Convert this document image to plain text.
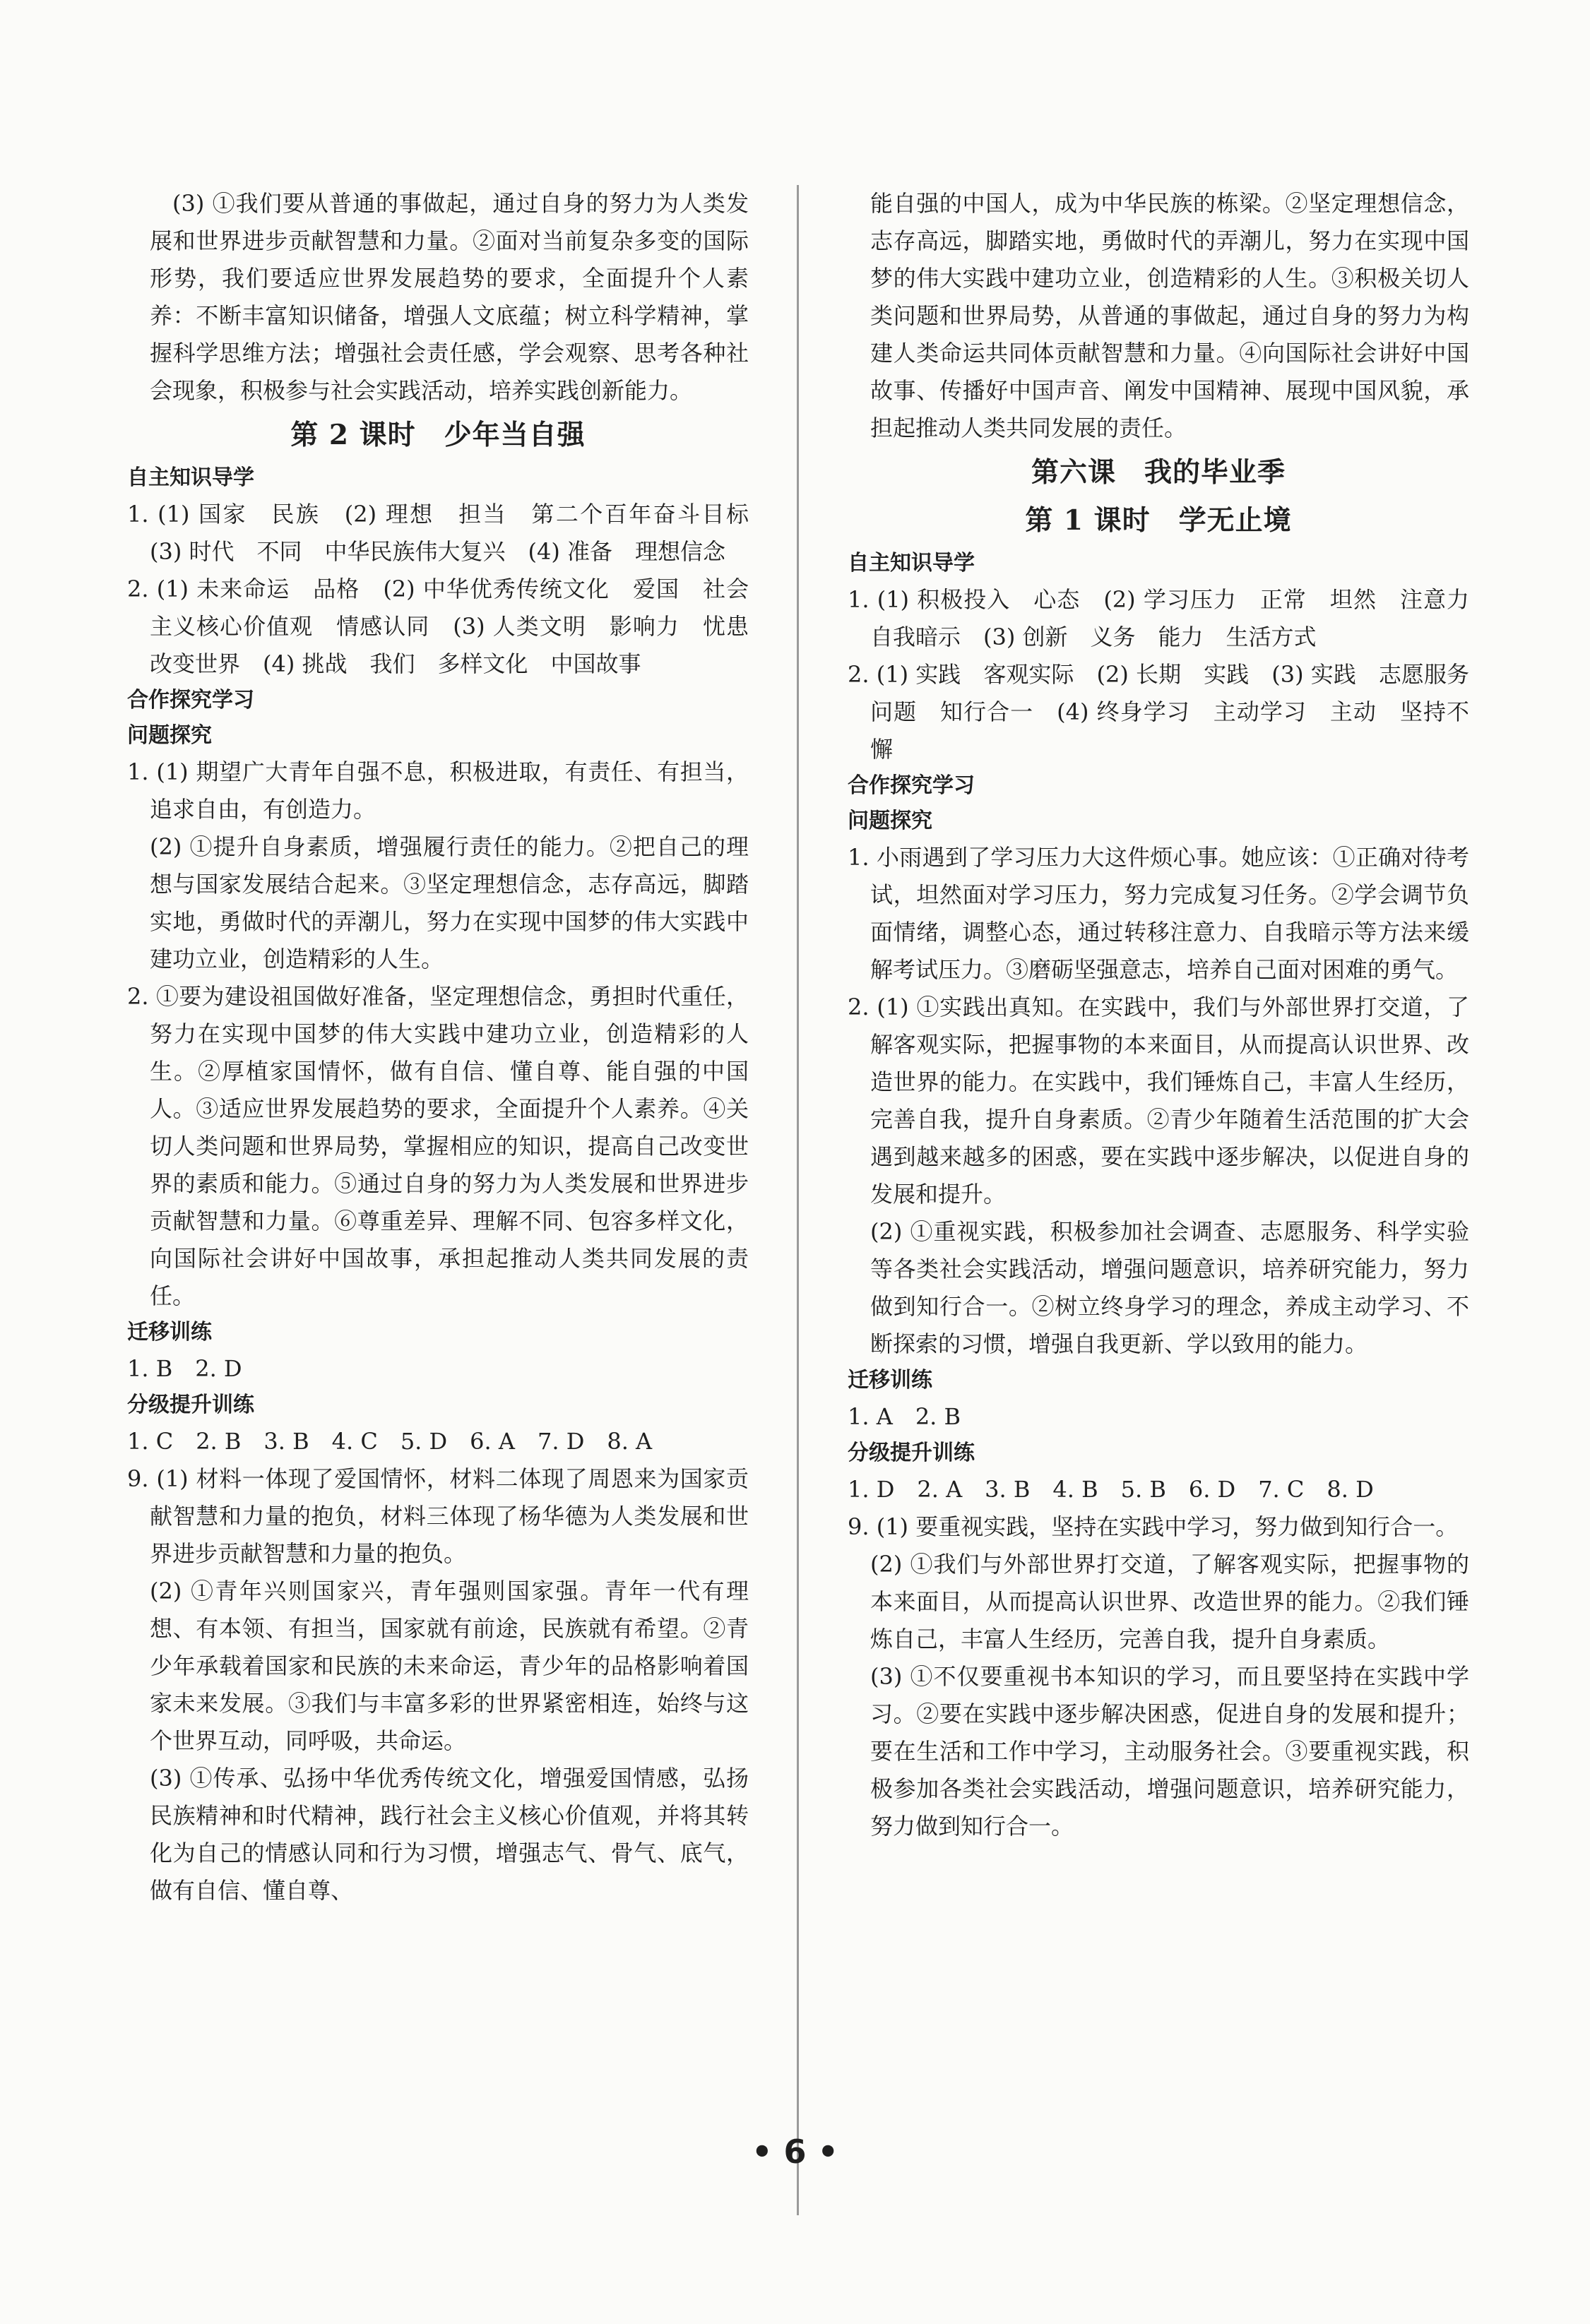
(3) ①我们要从普通的事做起，通过自身的努力为人类发展和世界进步贡献智慧和力量。②面对当前复杂多变的国际形势，我们要适应世界发展趋势的要求，全面提升个人素养：不断丰富知识储备，增强人文底蕴；树立科学精神，掌握科学思维方法；增强社会责任感，学会观察、思考各种社会现象，积极参与社会实践活动，培养实践创新能力。

第 2 课时　少年当自强
自主知识导学

1. (1) 国家　民族　(2) 理想　担当　第二个百年奋斗目标　(3) 时代　不同　中华民族伟大复兴　(4) 准备　理想信念

2. (1) 未来命运　品格　(2) 中华优秀传统文化　爱国　社会主义核心价值观　情感认同　(3) 人类文明　影响力　忧患　改变世界　(4) 挑战　我们　多样文化　中国故事

合作探究学习
问题探究

1. (1) 期望广大青年自强不息，积极进取，有责任、有担当，追求自由，有创造力。

(2) ①提升自身素质，增强履行责任的能力。②把自己的理想与国家发展结合起来。③坚定理想信念，志存高远，脚踏实地，勇做时代的弄潮儿，努力在实现中国梦的伟大实践中建功立业，创造精彩的人生。

2. ①要为建设祖国做好准备，坚定理想信念，勇担时代重任，努力在实现中国梦的伟大实践中建功立业，创造精彩的人生。②厚植家国情怀，做有自信、懂自尊、能自强的中国人。③适应世界发展趋势的要求，全面提升个人素养。④关切人类问题和世界局势，掌握相应的知识，提高自己改变世界的素质和能力。⑤通过自身的努力为人类发展和世界进步贡献智慧和力量。⑥尊重差异、理解不同、包容多样文化，向国际社会讲好中国故事，承担起推动人类共同发展的责任。

迁移训练

1. B　2. D

分级提升训练

1. C　2. B　3. B　4. C　5. D　6. A　7. D　8. A

9. (1) 材料一体现了爱国情怀，材料二体现了周恩来为国家贡献智慧和力量的抱负，材料三体现了杨华德为人类发展和世界进步贡献智慧和力量的抱负。

(2) ①青年兴则国家兴，青年强则国家强。青年一代有理想、有本领、有担当，国家就有前途，民族就有希望。②青少年承载着国家和民族的未来命运，青少年的品格影响着国家未来发展。③我们与丰富多彩的世界紧密相连，始终与这个世界互动，同呼吸，共命运。

(3) ①传承、弘扬中华优秀传统文化，增强爱国情感，弘扬民族精神和时代精神，践行社会主义核心价值观，并将其转化为自己的情感认同和行为习惯，增强志气、骨气、底气，做有自信、懂自尊、

能自强的中国人，成为中华民族的栋梁。②坚定理想信念，志存高远，脚踏实地，勇做时代的弄潮儿，努力在实现中国梦的伟大实践中建功立业，创造精彩的人生。③积极关切人类问题和世界局势，从普通的事做起，通过自身的努力为构建人类命运共同体贡献智慧和力量。④向国际社会讲好中国故事、传播好中国声音、阐发中国精神、展现中国风貌，承担起推动人类共同发展的责任。

第六课　我的毕业季
第 1 课时　学无止境
自主知识导学

1. (1) 积极投入　心态　(2) 学习压力　正常　坦然　注意力　自我暗示　(3) 创新　义务　能力　生活方式

2. (1) 实践　客观实际　(2) 长期　实践　(3) 实践　志愿服务　问题　知行合一　(4) 终身学习　主动学习　主动　坚持不懈

合作探究学习
问题探究

1. 小雨遇到了学习压力大这件烦心事。她应该：①正确对待考试，坦然面对学习压力，努力完成复习任务。②学会调节负面情绪，调整心态，通过转移注意力、自我暗示等方法来缓解考试压力。③磨砺坚强意志，培养自己面对困难的勇气。

2. (1) ①实践出真知。在实践中，我们与外部世界打交道，了解客观实际，把握事物的本来面目，从而提高认识世界、改造世界的能力。在实践中，我们锤炼自己，丰富人生经历，完善自我，提升自身素质。②青少年随着生活范围的扩大会遇到越来越多的困惑，要在实践中逐步解决，以促进自身的发展和提升。

(2) ①重视实践，积极参加社会调查、志愿服务、科学实验等各类社会实践活动，增强问题意识，培养研究能力，努力做到知行合一。②树立终身学习的理念，养成主动学习、不断探索的习惯，增强自我更新、学以致用的能力。

迁移训练

1. A　2. B

分级提升训练

1. D　2. A　3. B　4. B　5. B　6. D　7. C　8. D

9. (1) 要重视实践，坚持在实践中学习，努力做到知行合一。

(2) ①我们与外部世界打交道，了解客观实际，把握事物的本来面目，从而提高认识世界、改造世界的能力。②我们锤炼自己，丰富人生经历，完善自我，提升自身素质。

(3) ①不仅要重视书本知识的学习，而且要坚持在实践中学习。②要在实践中逐步解决困惑，促进自身的发展和提升；要在生活和工作中学习，主动服务社会。③要重视实践，积极参加各类社会实践活动，增强问题意识，培养研究能力，努力做到知行合一。

• 6 •
